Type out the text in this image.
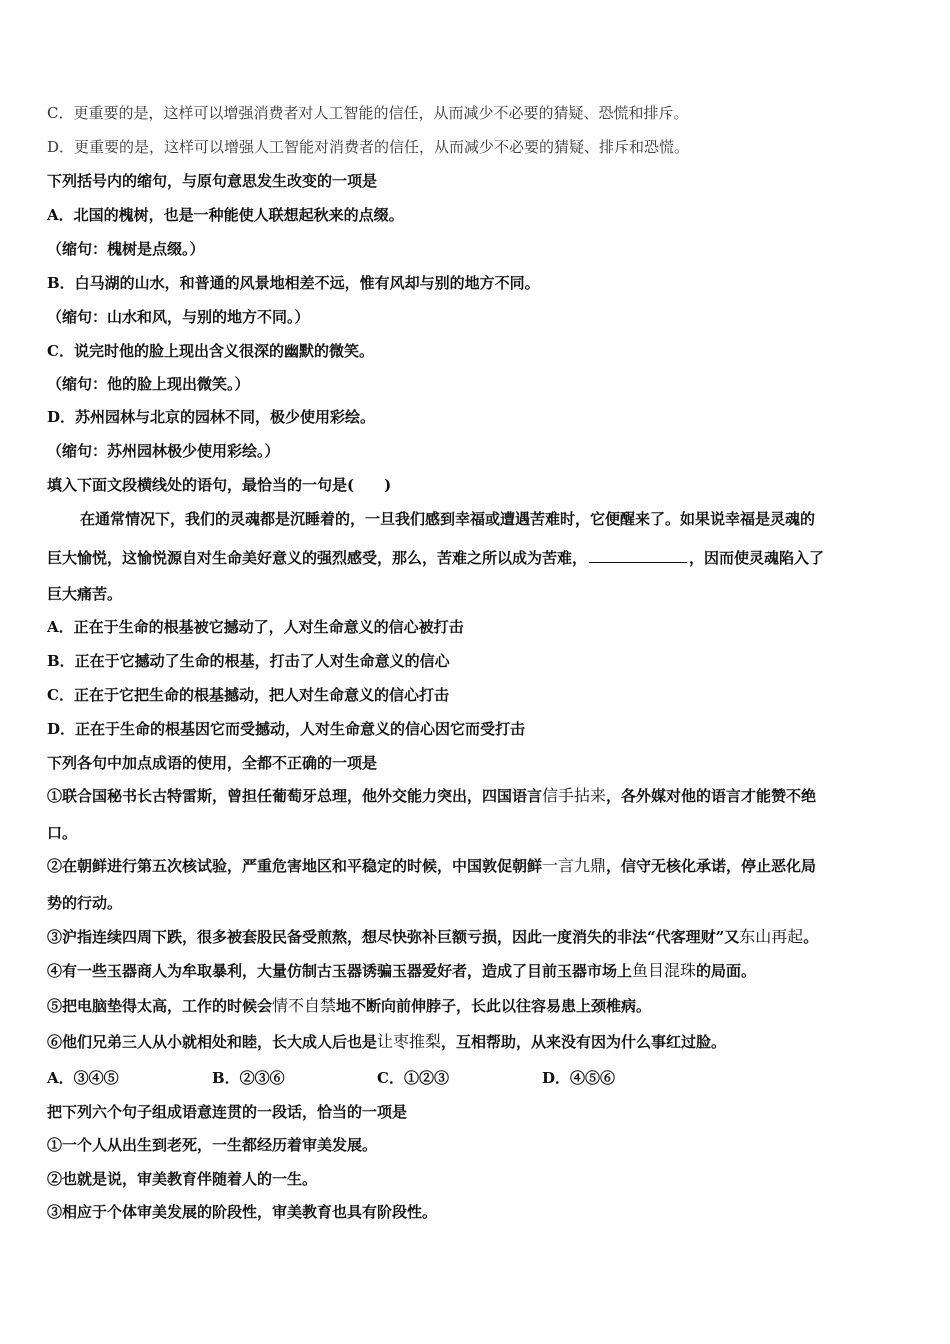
C．更重要的是，这样可以增强消费者对人工智能的信任，从而减少不必要的猜疑、恐慌和排斥。
D．更重要的是，这样可以增强人工智能对消费者的信任，从而减少不必要的猜疑、排斥和恐慌。
下列括号内的缩句，与原句意思发生改变的一项是
A．北国的槐树，也是一种能使人联想起秋来的点缀。
（缩句：槐树是点缀。）
B．白马湖的山水，和普通的风景地相差不远，惟有风却与别的地方不同。
（缩句：山水和风，与别的地方不同。）
C．说完时他的脸上现出含义很深的幽默的微笑。
（缩句：他的脸上现出微笑。）
D．苏州园林与北京的园林不同，极少使用彩绘。
（缩句：苏州园林极少使用彩绘。）
填入下面文段横线处的语句，最恰当的一句是(　　)
在通常情况下，我们的灵魂都是沉睡着的，一旦我们感到幸福或遭遇苦难时，它便醒来了。如果说幸福是灵魂的
巨大愉悦，这愉悦源自对生命美好意义的强烈感受，那么，苦难之所以成为苦难，	，因而使灵魂陷入了
巨大痛苦。
A．正在于生命的根基被它撼动了，人对生命意义的信心被打击
B．正在于它撼动了生命的根基，打击了人对生命意义的信心
C．正在于它把生命的根基撼动，把人对生命意义的信心打击
D．正在于生命的根基因它而受撼动，人对生命意义的信心因它而受打击
下列各句中加点成语的使用，全都不正确的一项是
①联合国秘书长古特雷斯，曾担任葡萄牙总理，他外交能力突出，四国语言信手拈来，各外媒对他的语言才能赞不绝
口。
②在朝鲜进行第五次核试验，严重危害地区和平稳定的时候，中国敦促朝鲜一言九鼎，信守无核化承诺，停止恶化局
势的行动。
③沪指连续四周下跌，很多被套股民备受煎熬，想尽快弥补巨额亏损，因此一度消失的非法“代客理财”又东山再起。
④有一些玉器商人为牟取暴利，大量仿制古玉器诱骗玉器爱好者，造成了目前玉器市场上鱼目混珠的局面。
⑤把电脑垫得太高，工作的时候会情不自禁地不断向前伸脖子，长此以往容易患上颈椎病。
⑥他们兄弟三人从小就相处和睦，长大成人后也是让枣推梨，互相帮助，从来没有因为什么事红过脸。
A．③④⑤	B．②③⑥	C．①②③	D．④⑤⑥
把下列六个句子组成语意连贯的一段话，恰当的一项是
①一个人从出生到老死，一生都经历着审美发展。
②也就是说，审美教育伴随着人的一生。
③相应于个体审美发展的阶段性，审美教育也具有阶段性。
